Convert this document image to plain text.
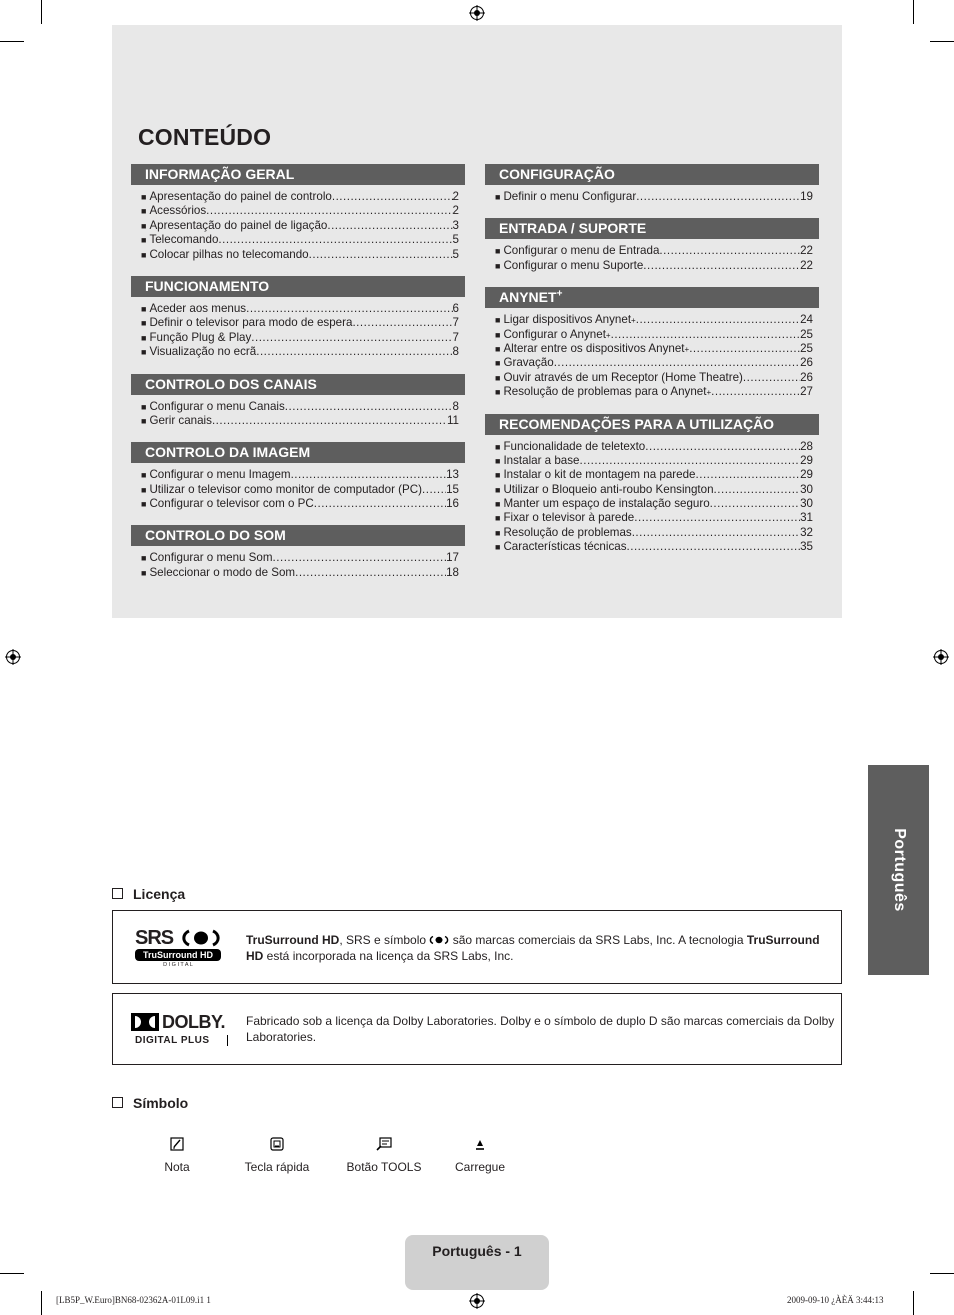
CONTEÚDO
INFORMAÇÃO GERAL
■ Apresentação do painel de controlo .....	2
■ Acessórios .....	2
■ Apresentação do painel de ligação .....	3
■ Telecomando .....	5
■ Colocar pilhas no telecomando .....	5
FUNCIONAMENTO
■ Aceder aos menus .....	6
■ Definir o televisor para modo de espera .....	7
■ Função Plug & Play .....	7
■ Visualização no ecrã .....	8
CONTROLO DOS CANAIS
■ Configurar o menu Canais .....	8
■ Gerir canais .....	11
CONTROLO DA IMAGEM
■ Configurar o menu Imagem .....	13
■ Utilizar o televisor como monitor de computador (PC) ..... 15
■ Configurar o televisor com o PC .....	16
CONTROLO DO SOM
■ Configurar o menu Som .....	17
■ Seleccionar o modo de Som .....	18
CONFIGURAÇÃO
■ Definir o menu Configurar .....	19
ENTRADA / SUPORTE
■ Configurar o menu de Entrada .....	22
■ Configurar o menu Suporte .....	22
ANYNET+
■ Ligar dispositivos Anynet + .....	24
■ Configurar o Anynet + .....	25
■ Alterar entre os dispositivos Anynet + .....	25
■ Gravação .....	26
■ Ouvir através de um Receptor (Home Theatre) .....	26
■ Resolução de problemas para o Anynet + .....	27
RECOMENDAÇÕES PARA A UTILIZAÇÃO
■ Funcionalidade de teletexto .....	28
■ Instalar a base .....	29
■ Instalar o kit de montagem na parede .....	29
■ Utilizar o Bloqueio anti-roubo Kensington .....	30
■ Manter um espaço de instalação seguro .....	30
■ Fixar o televisor à parede .....	31
■ Resolução de problemas .....	32
■ Características técnicas .....	35
Português
Licença
SRS
TruSurround HD
D I G I T A L
TruSurround HD, SRS e símbolo  são marcas comerciais da SRS Labs, Inc. A tecnologia TruSurround HD está incorporada na licença da SRS Labs, Inc.
DOLBY.
DIGITAL PLUS
Fabricado sob a licença da Dolby Laboratories. Dolby e o símbolo de duplo D são marcas comerciais da Dolby Laboratories.
Símbolo
Nota	Tecla rápida	Botão TOOLS	Carregue
Português - 1
[LB5P_W.Euro]BN68-02362A-01L09.i1 1	2009-09-10 ¿ÀÈÄ 3:44:13
